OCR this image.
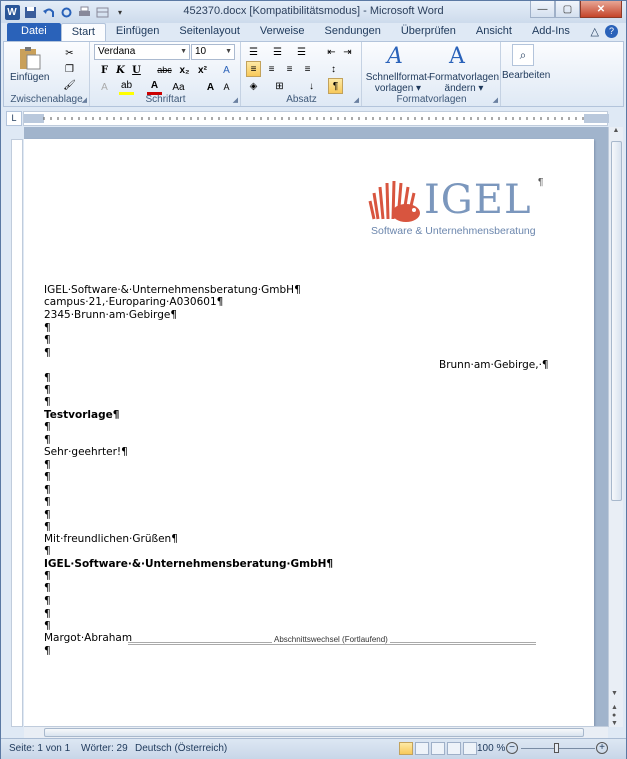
W	▾	452370.docx [Kompatibilitätsmodus] - Microsoft Word	—	▢	✕
Datei	Start	Einfügen	Seitenlayout	Verweise	Sendungen	Überprüfen	Ansicht	Add-Ins	△	?
Einfügen
✂
❐
🖌
Zwischenablage
◢
Verdana	▼ 10	▼
F K U	abc x₂ x²	A
A	ab	A	Aa	A	A
Schriftart	◢
☰	☰	☰	⇤ ⇥
≡	≡	≡	≡	↕
◈	⊞	↓	¶
Absatz	◢
A
Schnellformat-
vorlagen ▾
A
Formatvorlagen
ändern ▾
Formatvorlagen	◢
⌕
Bearbeiten
L
IGEL ¶
Software & Unternehmensberatung
IGEL·Software·&·Unternehmensberatung·GmbH¶
campus·21,·Europaring·A030601¶
2345·Brunn·am·Gebirge¶
¶
¶
¶
¶
¶
¶
Testvorlage¶
¶
¶
Sehr·geehrter!¶
¶
¶
¶
¶
¶
¶
Mit·freundlichen·Grüßen¶
¶
IGEL·Software·&·Unternehmensberatung·GmbH¶
¶
¶
¶
¶
¶
Margot·Abraham
¶
Brunn·am·Gebirge,·¶
Abschnittswechsel (Fortlaufend)
▲
▼
▲
●
▼
Seite: 1 von 1 Wörter: 29 Deutsch (Österreich)	100 % −	+
